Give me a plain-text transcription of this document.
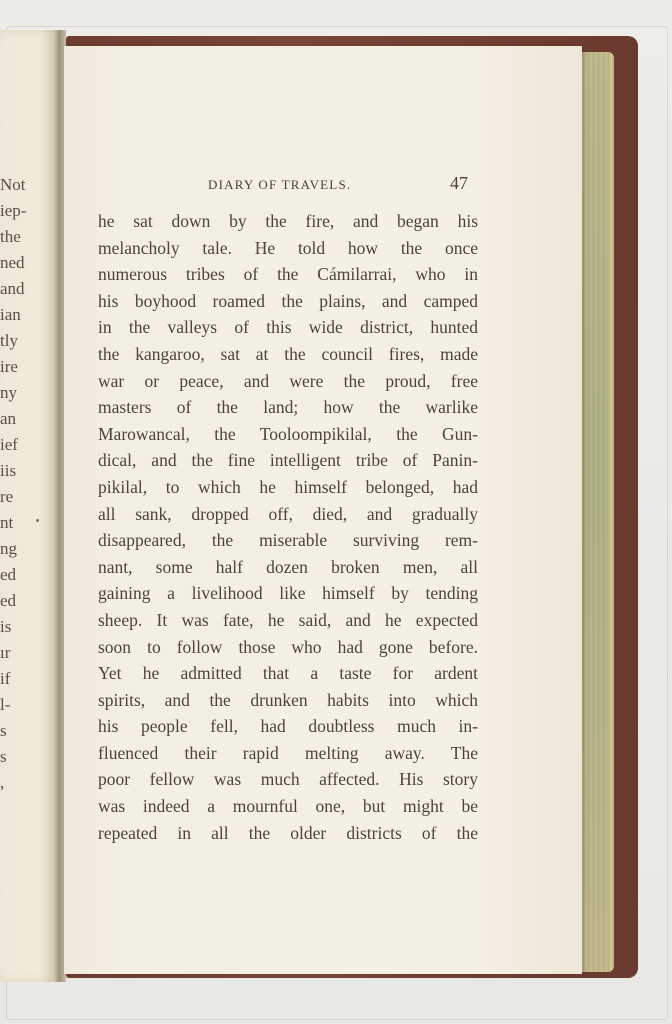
Not
iep-
the
ned
and
ian
tly
ire
ny
an
ief
iis
re
nt
ng
ed
ed
is
ır
if
l-
s
s
,
DIARY OF TRAVELS.	47
he sat down by the fire, and began his
melancholy tale. He told how the once
numerous tribes of the Cámilarrai, who in
his boyhood roamed the plains, and camped
in the valleys of this wide district, hunted
the kangaroo, sat at the council fires, made
war or peace, and were the proud, free
masters of the land; how the warlike
Marowancal, the Tooloompikilal, the Gun-
dical, and the fine intelligent tribe of Panin-
pikilal, to which he himself belonged, had
all sank, dropped off, died, and gradually
disappeared, the miserable surviving rem-
nant, some half dozen broken men, all
gaining a livelihood like himself by tending
sheep. It was fate, he said, and he expected
soon to follow those who had gone before.
Yet he admitted that a taste for ardent
spirits, and the drunken habits into which
his people fell, had doubtless much in-
fluenced their rapid melting away. The
poor fellow was much affected. His story
was indeed a mournful one, but might be
repeated in all the older districts of the
